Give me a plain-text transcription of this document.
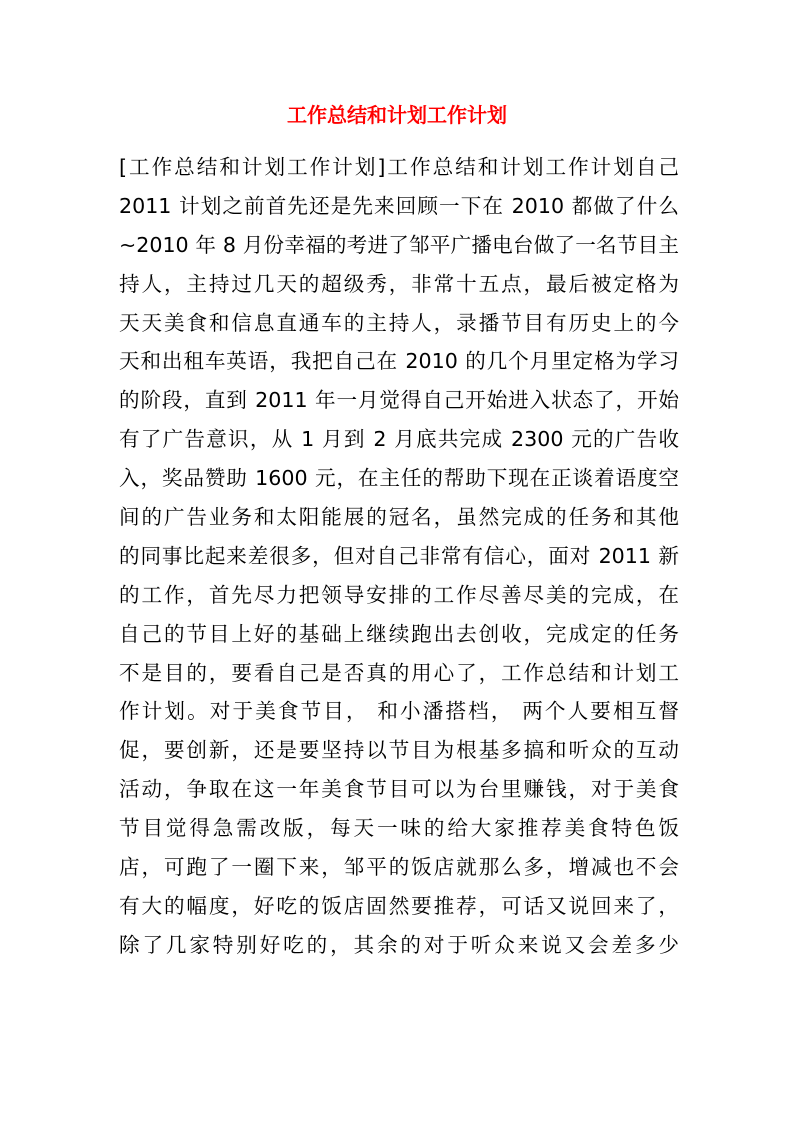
工作总结和计划工作计划
[工作总结和计划工作计划]工作总结和计划工作计划自己
2011 计划之前首先还是先来回顾一下在 2010 都做了什么
~2010 年 8 月份幸福的考进了邹平广播电台做了一名节目主
持人，主持过几天的超级秀，非常十五点，最后被定格为
天天美食和信息直通车的主持人，录播节目有历史上的今
天和出租车英语，我把自己在 2010 的几个月里定格为学习
的阶段，直到 2011 年一月觉得自己开始进入状态了，开始
有了广告意识，从 1 月到 2 月底共完成 2300 元的广告收
入，奖品赞助 1600 元，在主任的帮助下现在正谈着语度空
间的广告业务和太阳能展的冠名，虽然完成的任务和其他
的同事比起来差很多，但对自己非常有信心，面对 2011 新
的工作，首先尽力把领导安排的工作尽善尽美的完成，在
自己的节目上好的基础上继续跑出去创收，完成定的任务
不是目的，要看自己是否真的用心了，工作总结和计划工
作计划。对于美食节目， 和小潘搭档， 两个人要相互督
促，要创新，还是要坚持以节目为根基多搞和听众的互动
活动，争取在这一年美食节目可以为台里赚钱，对于美食
节目觉得急需改版，每天一味的给大家推荐美食特色饭
店，可跑了一圈下来，邹平的饭店就那么多，增减也不会
有大的幅度，好吃的饭店固然要推荐，可话又说回来了，
除了几家特别好吃的，其余的对于听众来说又会差多少
